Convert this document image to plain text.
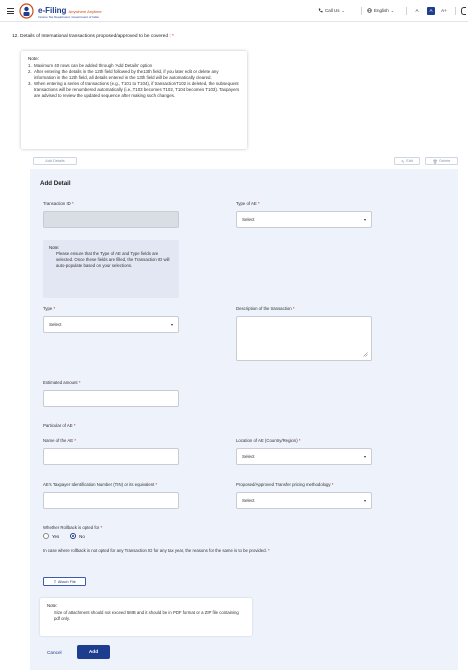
e-Filing Anywhere Anytime
Income Tax Department, Government of India
Call Us ⌄	English ⌄	A	A	A+
12. Details of International transactions proposed/approved to be covered : *
Note:
1. Maximum 40 rows can be added through 'Add Details' option
2. After entering the details in the 12th field followed by the13th field, if you later edit or delete any information in the 12th field, all details entered in the 13th field will be automatically cleared.
3. When entering a series of transactions (e.g., T101 to T104), if transactionT102 is deleted, the subsequent transactions will be renumbered automatically (i.e.,T103 becomes T102, T104 becomes T103). Taxpayers are advised to review the updated sequence after making such changes.
Add Details	✎ Edit	🗑 Delete
Add Detail
Transaction ID *	Type of AE *
Select
Note:
Please ensure that the Type of AE and Type fields are selected. Once these fields are filled, the Transaction ID will auto-populate based on your selections.
Type *
Select
Description of the transaction *
Estimated amount *
Particular of AE *
Name of the AE *	Location of AE (Country/Region) *
Select
AE's Taxpayer Identification Number (TIN) or its equivalent *	Proposed/Approved Transfer pricing methodology *
Select
Whether Rollback is opted for *
Yes	No
In case where rollback is not opted for any Transaction ID for any tax year, the reasons for the same is to be provided. *
⇪ Attach File
Note:
Size of attachment should not exceed 5MB and it should be in PDF format or a ZIP file containing pdf only.
Cancel	Add
